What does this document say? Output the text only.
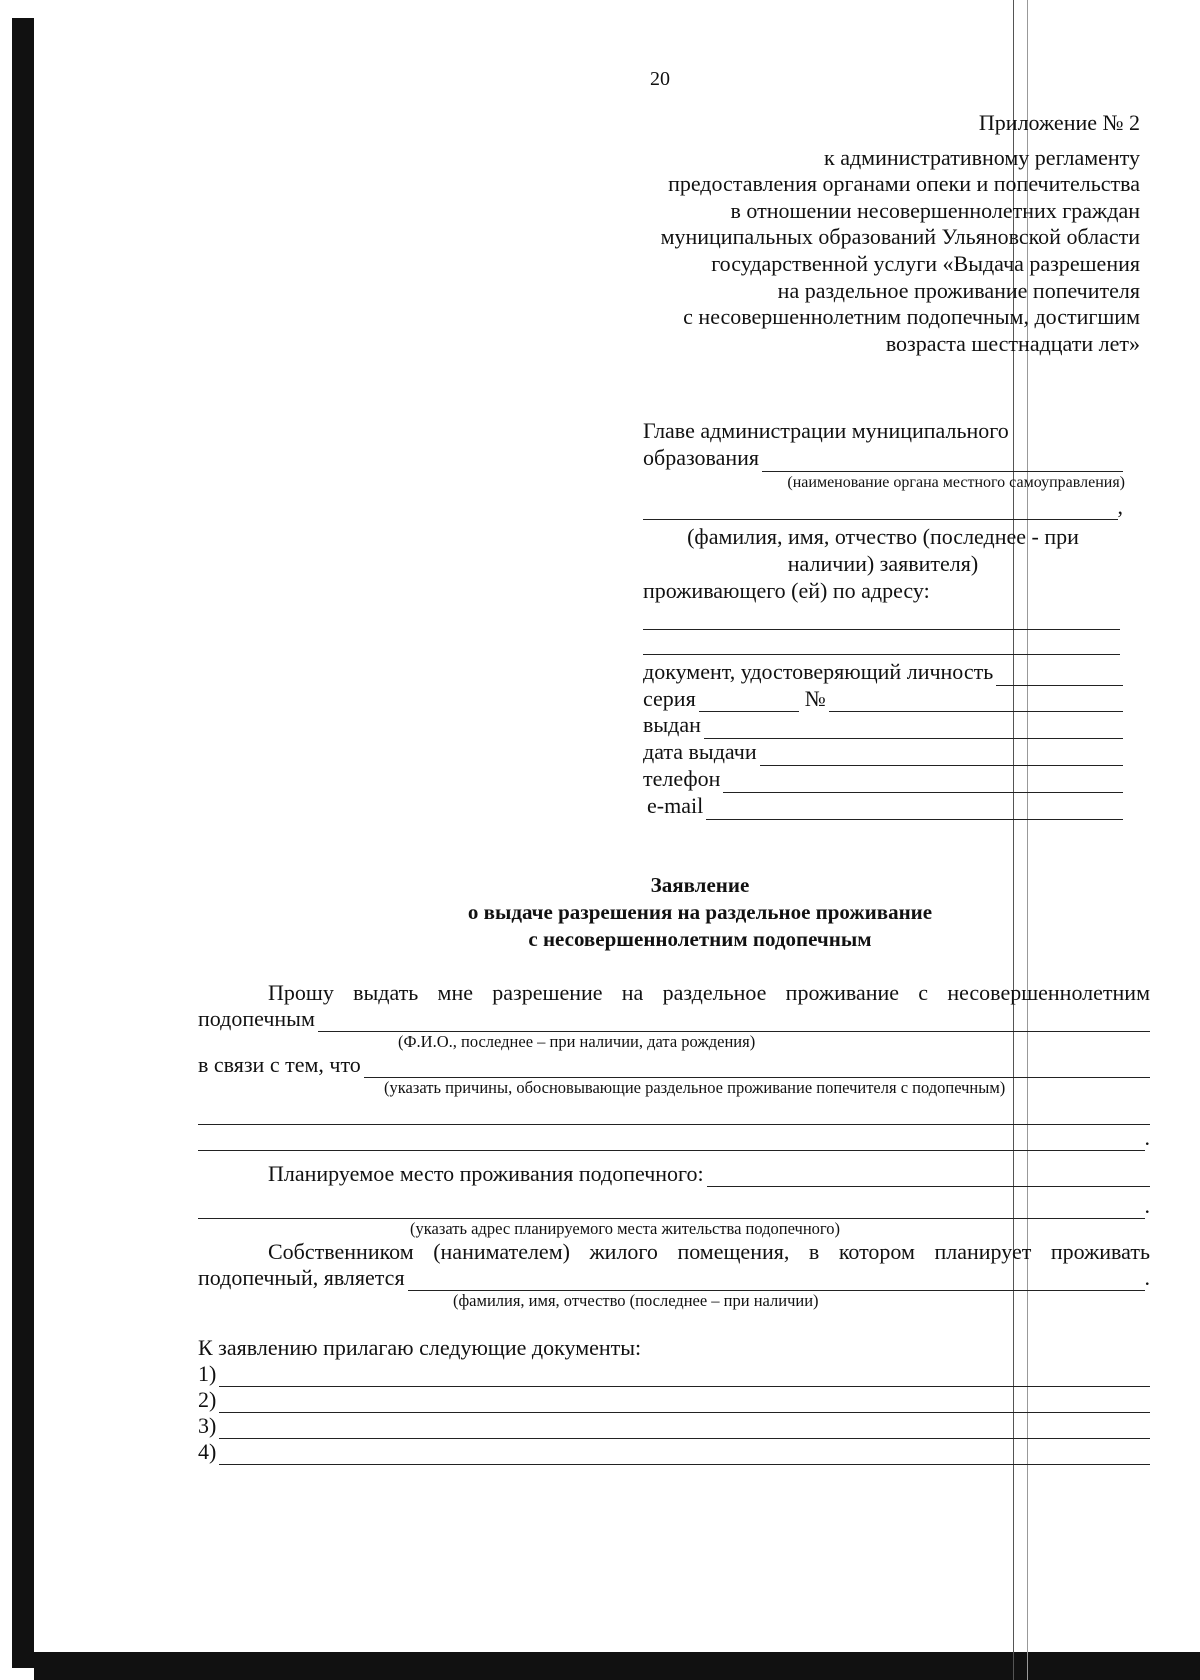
20
Приложение № 2
к административному регламенту
предоставления органами опеки и попечительства
в отношении несовершеннолетних граждан
муниципальных образований Ульяновской области
государственной услуги «Выдача разрешения
на раздельное проживание попечителя
с несовершеннолетним подопечным, достигшим
возраста шестнадцати лет»
Главе администрации муниципального
образования
(наименование органа местного самоуправления)
,
(фамилия, имя, отчество (последнее - при
наличии) заявителя)
проживающего (ей) по адресу:
документ, удостоверяющий личность
серия	№
выдан
дата выдачи
телефон
e-mail
Заявление
о выдаче разрешения на раздельное проживание
с несовершеннолетним подопечным
Прошу выдать мне разрешение на раздельное проживание с несовершеннолетним
подопечным
(Ф.И.О., последнее – при наличии, дата рождения)
в связи с тем, что
(указать причины, обосновывающие раздельное проживание попечителя с подопечным)
.
Планируемое место проживания подопечного:
.
(указать адрес планируемого места жительства подопечного)
Собственником (нанимателем) жилого помещения, в котором планирует проживать
подопечный, является	.
(фамилия, имя, отчество (последнее – при наличии)
К заявлению прилагаю следующие документы:
1)
2)
3)
4)
